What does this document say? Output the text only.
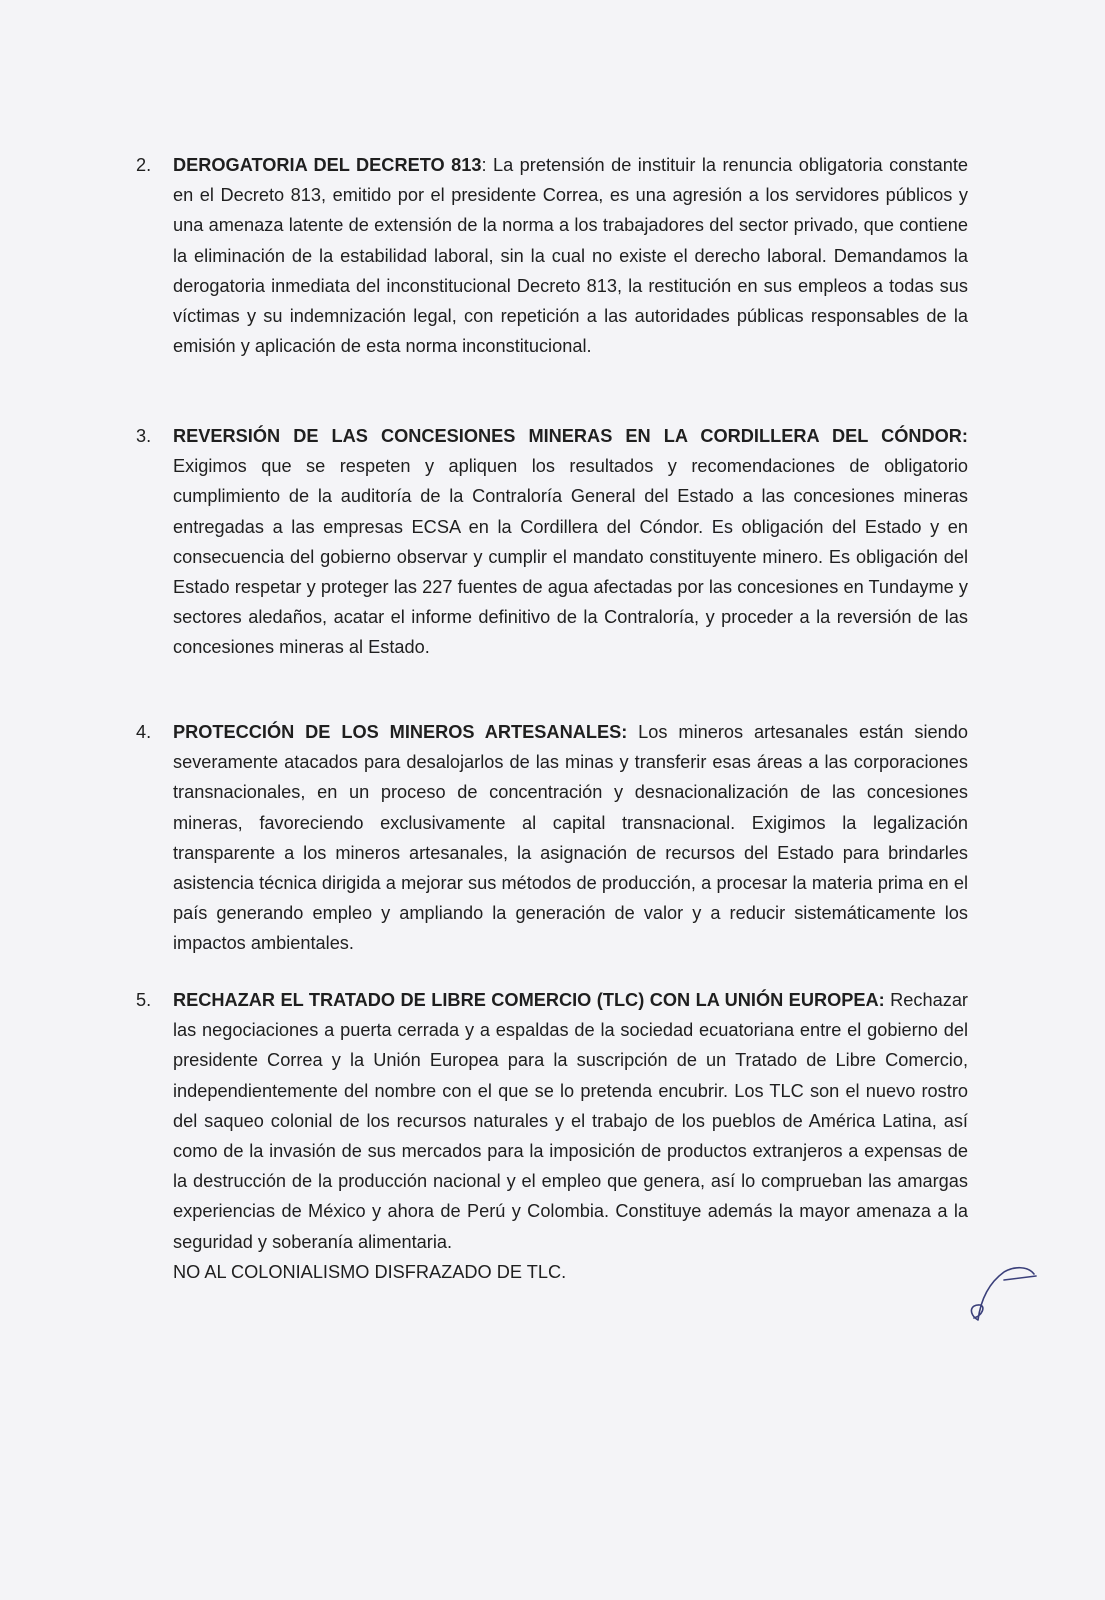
2.	DEROGATORIA DEL DECRETO 813: La pretensión de instituir la renuncia obligatoria constante en el Decreto 813, emitido por el presidente Correa, es una agresión a los servidores públicos y una amenaza latente de extensión de la norma a los trabajadores del sector privado, que contiene la eliminación de la estabilidad laboral, sin la cual no existe el derecho laboral. Demandamos la derogatoria inmediata del inconstitucional Decreto 813, la restitución en sus empleos a todas sus víctimas y su indemnización legal, con repetición a las autoridades públicas responsables de la emisión y aplicación de esta norma inconstitucional.

3.	REVERSIÓN DE LAS CONCESIONES MINERAS EN LA CORDILLERA DEL CÓNDOR: Exigimos que se respeten y apliquen los resultados y recomendaciones de obligatorio cumplimiento de la auditoría de la Contraloría General del Estado a las concesiones mineras entregadas a las empresas ECSA en la Cordillera del Cóndor. Es obligación del Estado y en consecuencia del gobierno observar y cumplir el mandato constituyente minero. Es obligación del Estado respetar y proteger las 227 fuentes de agua afectadas por las concesiones en Tundayme y sectores aledaños, acatar el informe definitivo de la Contraloría, y proceder a la reversión de las concesiones mineras al Estado.

4.	PROTECCIÓN DE LOS MINEROS ARTESANALES: Los mineros artesanales están siendo severamente atacados para desalojarlos de las minas y transferir esas áreas a las corporaciones transnacionales, en un proceso de concentración y desnacionalización de las concesiones mineras, favoreciendo exclusivamente al capital transnacional. Exigimos la legalización transparente a los mineros artesanales, la asignación de recursos del Estado para brindarles asistencia técnica dirigida a mejorar sus métodos de producción, a procesar la materia prima en el país generando empleo y ampliando la generación de valor y a reducir sistemáticamente los impactos ambientales.

5.	RECHAZAR EL TRATADO DE LIBRE COMERCIO (TLC) CON LA UNIÓN EUROPEA: Rechazar las negociaciones a puerta cerrada y a espaldas de la sociedad ecuatoriana entre el gobierno del presidente Correa y la Unión Europea para la suscripción de un Tratado de Libre Comercio, independientemente del nombre con el que se lo pretenda encubrir. Los TLC son el nuevo rostro del saqueo colonial de los recursos naturales y el trabajo de los pueblos de América Latina, así como de la invasión de sus mercados para la imposición de productos extranjeros a expensas de la destrucción de la producción nacional y el empleo que genera, así lo comprueban las amargas experiencias de México y ahora de Perú y Colombia. Constituye además la mayor amenaza a la seguridad y soberanía alimentaria.
NO AL COLONIALISMO DISFRAZADO DE TLC.
